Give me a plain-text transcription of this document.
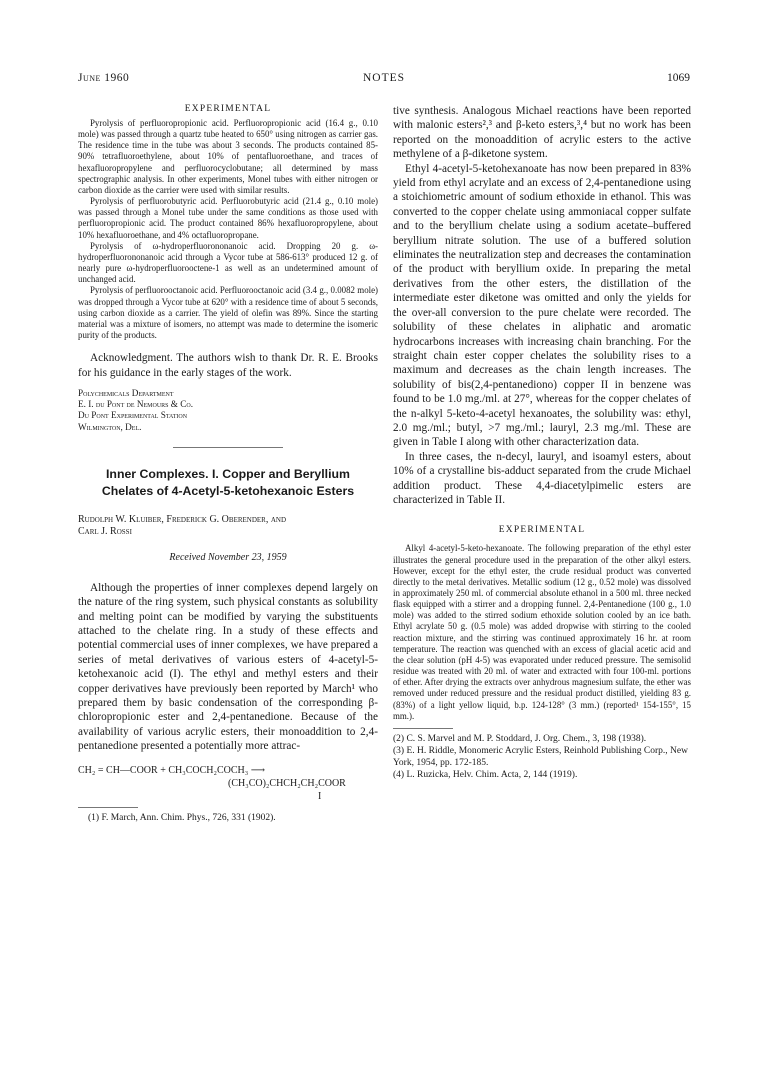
June 1960	NOTES	1069

EXPERIMENTAL

Pyrolysis of perfluoropropionic acid. Perfluoropropionic acid (16.4 g., 0.10 mole) was passed through a quartz tube heated to 650° using nitrogen as carrier gas. The residence time in the tube was about 3 seconds. The products contained 85-90% tetrafluoroethylene, about 10% of pentafluoroethane, and traces of hexafluoropropylene and perfluorocyclobutane; all determined by mass spectrographic analysis. In other experiments, Monel tubes with either nitrogen or carbon dioxide as the carrier were used with similar results.

Pyrolysis of perfluorobutyric acid. Perfluorobutyric acid (21.4 g., 0.10 mole) was passed through a Monel tube under the same conditions as those used with perfluoropropionic acid. The product contained 86% hexafluoropropylene, about 10% hexafluoroethane, and 4% octafluoropropane.

Pyrolysis of ω-hydroperfluorononanoic acid. Dropping 20 g. ω-hydroperfluorononanoic acid through a Vycor tube at 586-613° produced 12 g. of nearly pure ω-hydroperfluorooctene-1 as well as an undetermined amount of unchanged acid.

Pyrolysis of perfluorooctanoic acid. Perfluorooctanoic acid (3.4 g., 0.0082 mole) was dropped through a Vycor tube at 620° with a residence time of about 5 seconds, using carbon dioxide as a carrier. The yield of olefin was 89%. Since the starting material was a mixture of isomers, no attempt was made to determine the isomeric purity of the products.

Acknowledgment. The authors wish to thank Dr. R. E. Brooks for his guidance in the early stages of the work.

Polychemicals Department

E. I. du Pont de Nemours & Co.

Du Pont Experimental Station

Wilmington, Del.

Inner Complexes. I. Copper and Beryllium

Chelates of 4-Acetyl-5-ketohexanoic Esters

Rudolph W. Kluiber, Frederick G. Oberender, and

Carl J. Rossi

Received November 23, 1959

Although the properties of inner complexes depend largely on the nature of the ring system, such physical constants as solubility and melting point can be modified by varying the substituents attached to the chelate ring. In a study of these effects and potential commercial uses of inner complexes, we have prepared a series of metal derivatives of various esters of 4-acetyl-5-ketohexanoic acid (I). The ethyl and methyl esters and their copper derivatives have previously been reported by March¹ who prepared them by basic condensation of the corresponding β-chloropropionic ester and 2,4-pentanedione. Because of the availability of various acrylic esters, their monoaddition to 2,4-pentanedione presented a potentially more attrac-

CH₂ = CH—COOR + CH₃COCH₂COCH₃ ⟶

(CH₃CO)₂CHCH₂CH₂COOR

I

(1) F. March, Ann. Chim. Phys., 726, 331 (1902).

tive synthesis. Analogous Michael reactions have been reported with malonic esters²,³ and β-keto esters,³,⁴ but no work has been reported on the monoaddition of acrylic esters to the active methylene of a β-diketone system.

Ethyl 4-acetyl-5-ketohexanoate has now been prepared in 83% yield from ethyl acrylate and an excess of 2,4-pentanedione using a stoichiometric amount of sodium ethoxide in ethanol. This was converted to the copper chelate using ammoniacal copper sulfate and to the beryllium chelate using a sodium acetate–buffered beryllium nitrate solution. The use of a buffered solution eliminates the neutralization step and decreases the contamination of the product with beryllium oxide. In preparing the metal derivatives from the other esters, the distillation of the intermediate ester diketone was omitted and only the yields for the over-all conversion to the pure chelate were recorded. The solubility of these chelates in aliphatic and aromatic hydrocarbons increases with increasing chain branching. For the straight chain ester copper chelates the solubility rises to a maximum and decreases as the chain length increases. The solubility of bis(2,4-pentanediono) copper II in benzene was found to be 1.0 mg./ml. at 27°, whereas for the copper chelates of the n-alkyl 5-keto-4-acetyl hexanoates, the solubility was: ethyl, 2.0 mg./ml.; butyl, >7 mg./ml.; lauryl, 2.3 mg./ml. These are given in Table I along with other characterization data.

In three cases, the n-decyl, lauryl, and isoamyl esters, about 10% of a crystalline bis-adduct separated from the crude Michael addition product. These 4,4-diacetylpimelic esters are characterized in Table II.

EXPERIMENTAL

Alkyl 4-acetyl-5-keto-hexanoate. The following preparation of the ethyl ester illustrates the general procedure used in the preparation of the other alkyl esters. However, except for the ethyl ester, the crude residual product was converted directly to the metal derivatives. Metallic sodium (12 g., 0.52 mole) was dissolved in approximately 250 ml. of commercial absolute ethanol in a 500 ml. three necked flask equipped with a stirrer and a dropping funnel. 2,4-Pentanedione (100 g., 1.0 mole) was added to the stirred sodium ethoxide solution cooled by an ice bath. Ethyl acrylate 50 g. (0.5 mole) was added dropwise with stirring to the cooled reaction mixture, and the stirring was continued approximately 16 hr. at room temperature. The reaction was quenched with an excess of glacial acetic acid and the clear solution (pH 4-5) was evaporated under reduced pressure. The semisolid residue was treated with 20 ml. of water and extracted with four 100-ml. portions of ether. After drying the extracts over anhydrous magnesium sulfate, the ether was removed under reduced pressure and the residual product distilled, yielding 83 g. (83%) of a light yellow liquid, b.p. 124-128° (3 mm.) (reported¹ 154-155°, 15 mm.).

(2) C. S. Marvel and M. P. Stoddard, J. Org. Chem., 3, 198 (1938).

(3) E. H. Riddle, Monomeric Acrylic Esters, Reinhold Publishing Corp., New York, 1954, pp. 172-185.

(4) L. Ruzicka, Helv. Chim. Acta, 2, 144 (1919).
